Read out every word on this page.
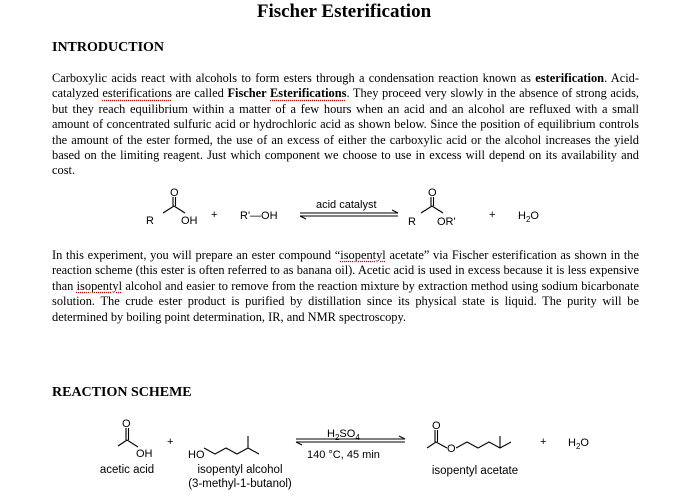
Fischer Esterification
INTRODUCTION

Carboxylic acids react with alcohols to form esters through a condensation reaction known as esterification. Acid-catalyzed esterifications are called Fischer Esterifications. They proceed very slowly in the absence of strong acids, but they reach equilibrium within a matter of a few hours when an acid and an alcohol are refluxed with a small amount of concentrated sulfuric acid or hydrochloric acid as shown below. Since the position of equilibrium controls the amount of the ester formed, the use of an excess of either the carboxylic acid or the alcohol increases the yield based on the limiting reagent. Just which component we choose to use in excess will depend on its availability and cost.

R OH
O
+ R'—OH
acid catalyst
R OR'
O
+ $H_2O$

In this experiment, you will prepare an ester compound “isopentyl acetate” via Fischer esterification as shown in the reaction scheme (this ester is often referred to as banana oil). Acetic acid is used in excess because it is less expensive than isopentyl alcohol and easier to remove from the reaction mixture by extraction method using sodium bicarbonate solution. The crude ester product is purified by distillation since its physical state is liquid. The purity will be determined by boiling point determination, IR, and NMR spectroscopy.

REACTION SCHEME
O
OH
+
HO
$H_2SO_4$
140 °C, 45 min
O
O
+ $H_2O$
acetic acid	isopentyl alcohol
(3-methyl-1-butanol)
isopentyl acetate
